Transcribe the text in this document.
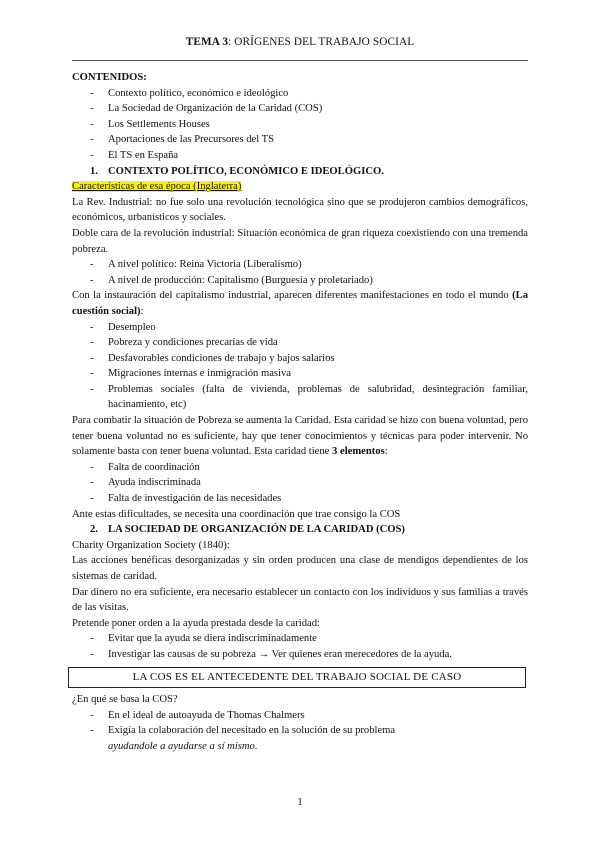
TEMA 3: ORÍGENES DEL TRABAJO SOCIAL

CONTENIDOS:

- Contexto político, económico e ideológico
- La Sociedad de Organización de la Caridad (COS)
- Los Settlements Houses
- Aportaciones de las Precursores del TS
- El TS en España

1. CONTEXTO POLÍTICO, ECONÓMICO E IDEOLÓGICO.

Características de esa época (Inglaterra)

La Rev. Industrial: no fue solo una revolución tecnológica sino que se produjeron cambios demográficos, económicos, urbanísticos y sociales.

Doble cara de la revolución industrial: Situación económica de gran riqueza coexistiendo con una tremenda pobreza.

- A nivel político: Reina Victoria (Liberalismo)
- A nivel de producción: Capitalismo (Burguesía y proletariado)

Con la instauración del capitalismo industrial, aparecen diferentes manifestaciones en todo el mundo (La cuestión social):

- Desempleo
- Pobreza y condiciones precarias de vida
- Desfavorables condiciones de trabajo y bajos salarios
- Migraciones internas e inmigración masiva
- Problemas sociales (falta de vivienda, problemas de salubridad, desintegración familiar, hacinamiento, etc)

Para combatir la situación de Pobreza se aumenta la Caridad. Esta caridad se hizo con buena voluntad, pero tener buena voluntad no es suficiente, hay que tener conocimientos y técnicas para poder intervenir. No solamente basta con tener buena voluntad. Esta caridad tiene 3 elementos:

- Falta de coordinación
- Ayuda indiscriminada
- Falta de investigación de las necesidades

Ante estas dificultades, se necesita una coordinación que trae consigo la COS

2. LA SOCIEDAD DE ORGANIZACIÓN DE LA CARIDAD (COS)

Charity Organization Society (1840):

Las acciones benéficas desorganizadas y sin orden producen una clase de mendigos dependientes de los sistemas de caridad.

Dar dinero no era suficiente, era necesario establecer un contacto con los individuos y sus familias a través de las visitas.

Pretende poner orden a la ayuda prestada desde la caridad:

- Evitar que la ayuda se diera indiscriminadamente
- Investigar las causas de su pobreza → Ver quienes eran merecedores de la ayuda.
LA COS ES EL ANTECEDENTE DEL TRABAJO SOCIAL DE CASO

¿En qué se basa la COS?

- En el ideal de autoayuda de Thomas Chalmers
- Exigía la colaboración del necesitado en la solución de su problema

ayudandole a ayudarse a sí mismo.

1
